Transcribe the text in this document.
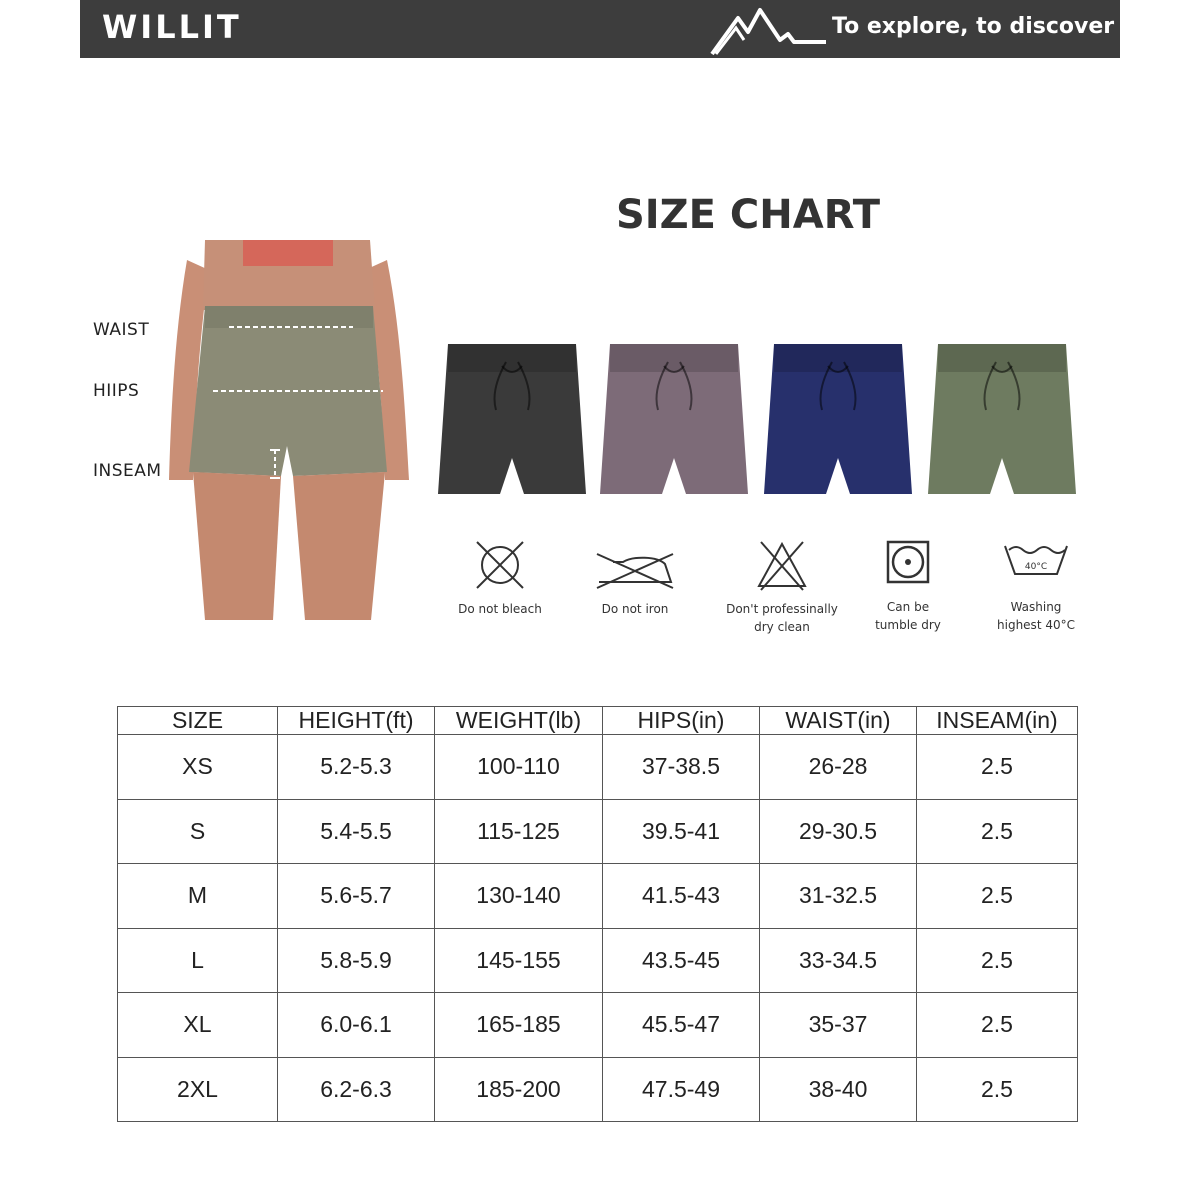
WILLIT	To explore, to discover
SIZE CHART
WAIST
HIIPS
INSEAM
Do not bleach	Do not iron	Don't professinally
dry clean
Can be
tumble dry
40°C
Washing
highest 40°C
SIZE	HEIGHT(ft)	WEIGHT(lb)	HIPS(in)	WAIST(in)	INSEAM(in)
XS	5.2-5.3	100-110	37-38.5	26-28	2.5
S	5.4-5.5	115-125	39.5-41	29-30.5	2.5
M	5.6-5.7	130-140	41.5-43	31-32.5	2.5
L	5.8-5.9	145-155	43.5-45	33-34.5	2.5
XL	6.0-6.1	165-185	45.5-47	35-37	2.5
2XL	6.2-6.3	185-200	47.5-49	38-40	2.5
